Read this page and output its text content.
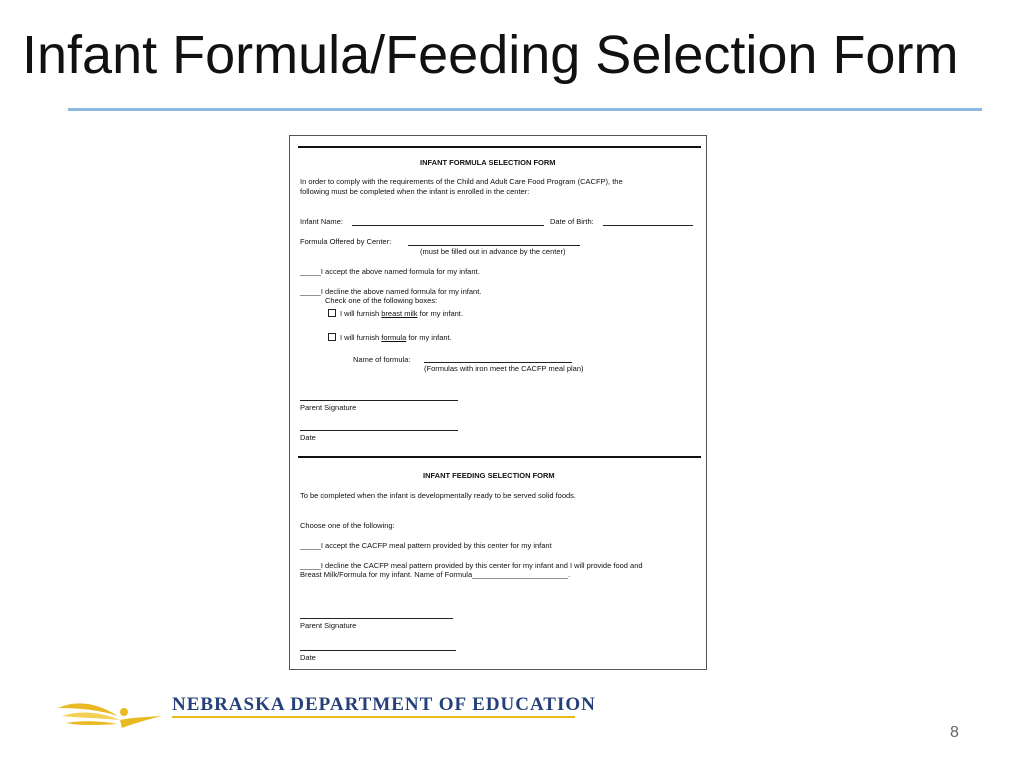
Infant Formula/Feeding Selection Form
INFANT FORMULA SELECTION FORM
In order to comply with the requirements of the Child and Adult Care Food Program (CACFP), the
following must be completed when the infant is enrolled in the center:
Infant Name:	Date of Birth:
Formula Offered by Center:
(must be filled out in advance by the center)
_____I accept the above named formula for my infant.
_____I decline the above named formula for my infant.
Check one of the following boxes:
I will furnish breast milk for my infant.
I will furnish formula for my infant.
Name of formula:
(Formulas with iron meet the CACFP meal plan)
Parent Signature
Date
INFANT FEEDING SELECTION FORM
To be completed when the infant is developmentally ready to be served solid foods.
Choose one of the following:
_____I accept the CACFP meal pattern provided by this center for my infant
_____I decline the CACFP meal pattern provided by this center for my infant and I will provide food and
Breast Milk/Formula for my infant. Name of Formula_______________________.
Parent Signature
Date
NEBRASKA DEPARTMENT OF EDUCATION
8
